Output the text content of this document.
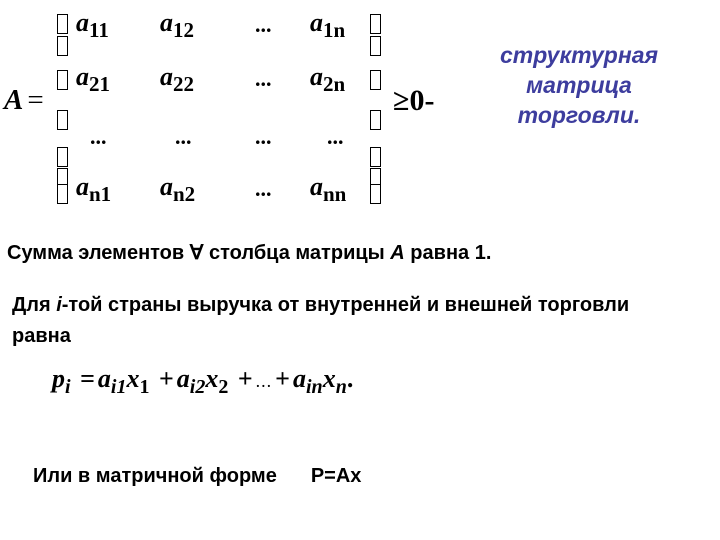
A =
$a_{11}$ $a_{12}$	... $a_{1n}$
$a_{21}$ $a_{22}$	... $a_{2n}$
...	...	...	...
$a_{n1}$ $a_{n2}$	... $a_{nn}$
≥0-
структурная
матрица
торговли.
Сумма элементов ∀ столбца матрицы A равна 1.
Для i-той страны выручка от внутренней и внешней торговли равна
$p_i = a_{i1}x_1 + a_{i2}x_2$ + ... + $a_{in}x_n$.
Или в матричной форме P=Ax
